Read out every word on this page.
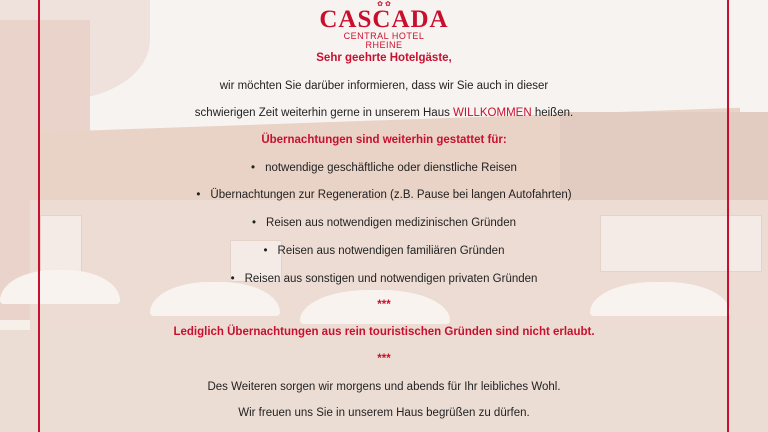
✿ ✿
CASCADA
CENTRAL HOTEL
RHEINE
Sehr geehrte Hotelgäste,
wir möchten Sie darüber informieren, dass wir Sie auch in dieser
schwierigen Zeit weiterhin gerne in unserem Haus WILLKOMMEN heißen.
Übernachtungen sind weiterhin gestattet für:
• notwendige geschäftliche oder dienstliche Reisen
• Übernachtungen zur Regeneration (z.B. Pause bei langen Autofahrten)
• Reisen aus notwendigen medizinischen Gründen
• Reisen aus notwendigen familiären Gründen
• Reisen aus sonstigen und notwendigen privaten Gründen
***
Lediglich Übernachtungen aus rein touristischen Gründen sind nicht erlaubt.
***
Des Weiteren sorgen wir morgens und abends für Ihr leibliches Wohl.
Wir freuen uns Sie in unserem Haus begrüßen zu dürfen.
